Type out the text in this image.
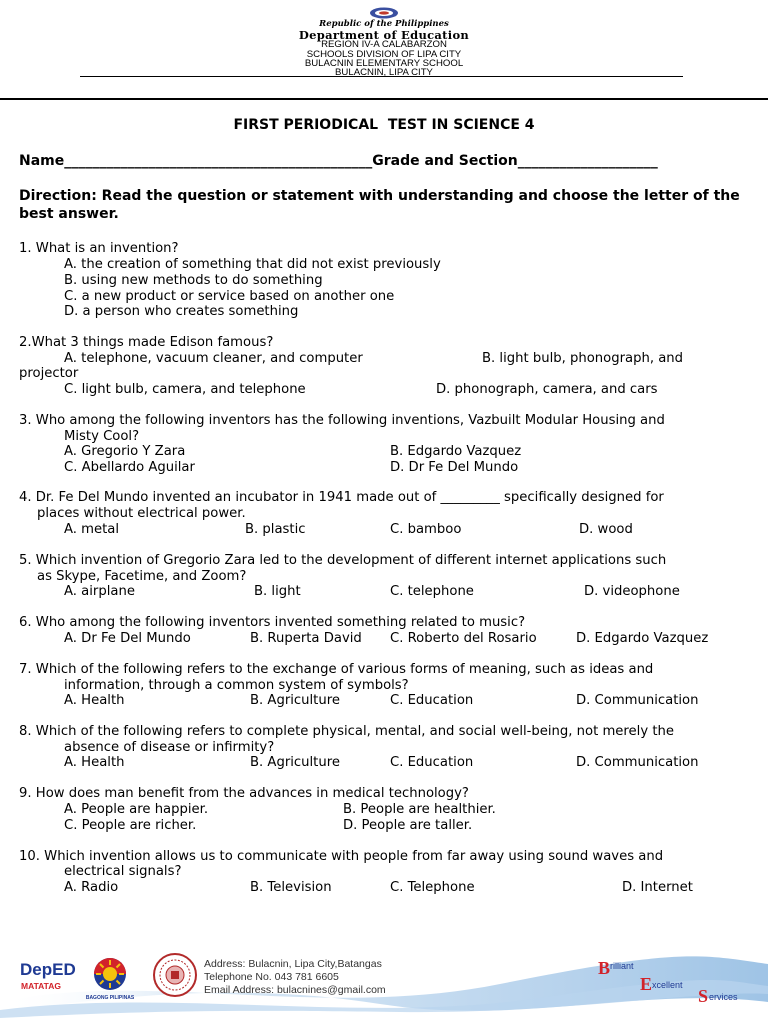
Republic of the Philippines
Department of Education
REGION IV-A CALABARZON
SCHOOLS DIVISION OF LIPA CITY
BULACNIN ELEMENTARY SCHOOL
BULACNIN, LIPA CITY
FIRST PERIODICAL  TEST IN SCIENCE 4
Name____________________________________________Grade and Section____________________
Direction: Read the question or statement with understanding and choose the letter of the best answer.
1. What is an invention?
A. the creation of something that did not exist previously
B. using new methods to do something
C. a new product or service based on another one
D. a person who creates something
2.What 3 things made Edison famous?
A. telephone, vacuum cleaner, and computer	B. light bulb, phonograph, and
projector
C. light bulb, camera, and telephone	D. phonograph, camera, and cars
3. Who among the following inventors has the following inventions, Vazbuilt Modular Housing and
Misty Cool?
A. Gregorio Y Zara	B. Edgardo Vazquez
C. Abellardo Aguilar	D. Dr Fe Del Mundo
4. Dr. Fe Del Mundo invented an incubator in 1941 made out of _________ specifically designed for
places without electrical power.
A. metal	B. plastic	C. bamboo	D. wood
5. Which invention of Gregorio Zara led to the development of different internet applications such
as Skype, Facetime, and Zoom?
A. airplane	B. light	C. telephone	D. videophone
6. Who among the following inventors invented something related to music?
A. Dr Fe Del Mundo	B. Ruperta David C. Roberto del Rosario	D. Edgardo Vazquez
7. Which of the following refers to the exchange of various forms of meaning, such as ideas and
information, through a common system of symbols?
A. Health	B. Agriculture	C. Education	D. Communication
8. Which of the following refers to complete physical, mental, and social well-being, not merely the
absence of disease or infirmity?
A. Health	B. Agriculture	C. Education	D. Communication
9. How does man benefit from the advances in medical technology?
A. People are happier.	B. People are healthier.
C. People are richer.	D. People are taller.
10. Which invention allows us to communicate with people from far away using sound waves and
electrical signals?
A. Radio	B. Television	C. Telephone	D. Internet
DepED
MATATAG
BAGONG PILIPINAS
Address: Bulacnin, Lipa City,Batangas
Telephone No. 043 781 6605
Email Address: bulacnines@gmail.com
B rilliant
E xcellent
S ervices
